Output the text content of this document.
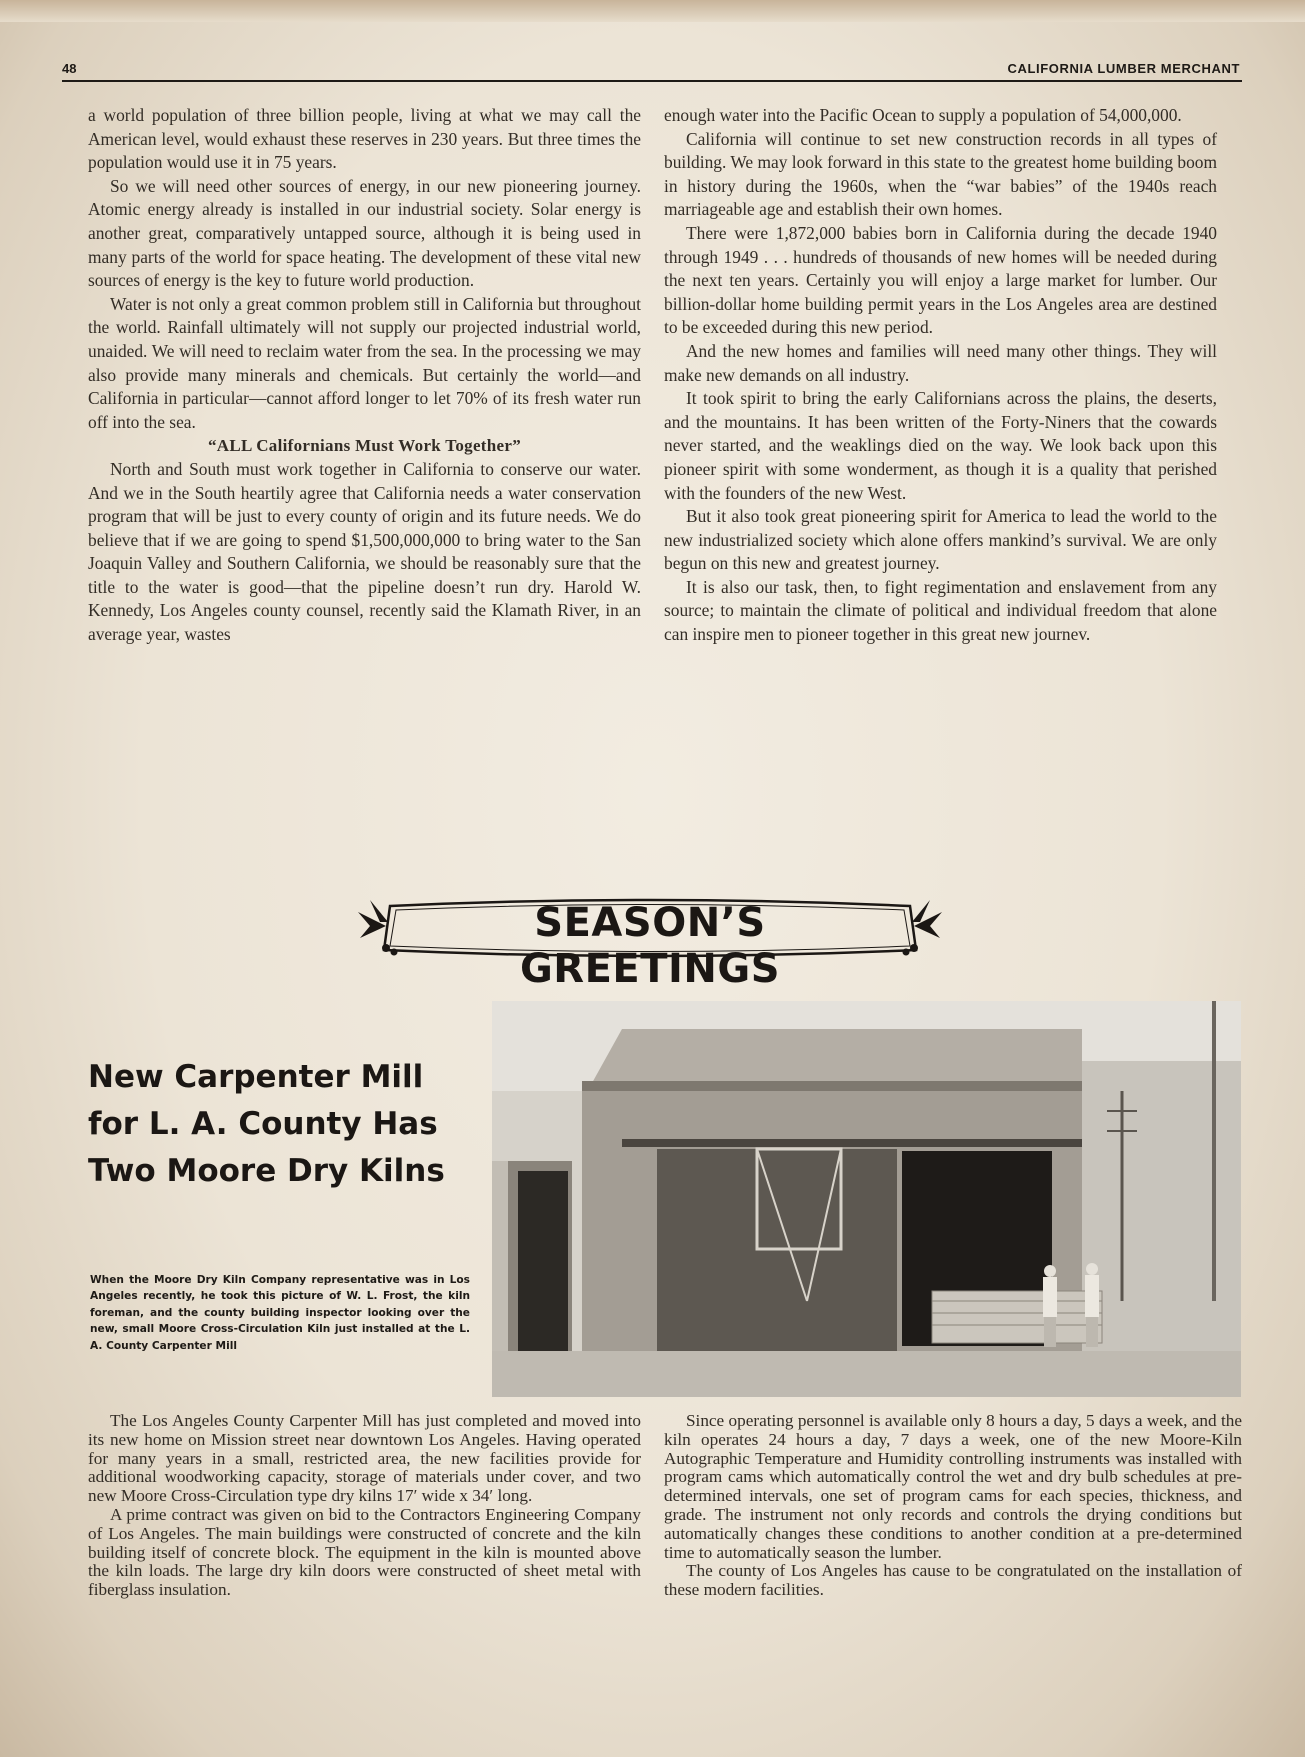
48	CALIFORNIA LUMBER MERCHANT

a world population of three billion people, living at what we may call the American level, would exhaust these reserves in 230 years. But three times the population would use it in 75 years.

So we will need other sources of energy, in our new pioneering journey. Atomic energy already is installed in our industrial society. Solar energy is another great, comparatively untapped source, although it is being used in many parts of the world for space heating. The development of these vital new sources of energy is the key to future world production.

Water is not only a great common problem still in California but throughout the world. Rainfall ultimately will not supply our projected industrial world, unaided. We will need to reclaim water from the sea. In the processing we may also provide many minerals and chemicals. But certainly the world—and California in particular—cannot afford longer to let 70% of its fresh water run off into the sea.

“ALL Californians Must Work Together”

North and South must work together in California to conserve our water. And we in the South heartily agree that California needs a water conservation program that will be just to every county of origin and its future needs. We do believe that if we are going to spend $1,500,000,000 to bring water to the San Joaquin Valley and Southern California, we should be reasonably sure that the title to the water is good—that the pipeline doesn’t run dry. Harold W. Kennedy, Los Angeles county counsel, recently said the Klamath River, in an average year, wastes

enough water into the Pacific Ocean to supply a population of 54,000,000.

California will continue to set new construction records in all types of building. We may look forward in this state to the greatest home building boom in history during the 1960s, when the “war babies” of the 1940s reach marriageable age and establish their own homes.

There were 1,872,000 babies born in California during the decade 1940 through 1949 . . . hundreds of thousands of new homes will be needed during the next ten years. Certainly you will enjoy a large market for lumber. Our billion-dollar home building permit years in the Los Angeles area are destined to be exceeded during this new period.

And the new homes and families will need many other things. They will make new demands on all industry.

It took spirit to bring the early Californians across the plains, the deserts, and the mountains. It has been written of the Forty-Niners that the cowards never started, and the weaklings died on the way. We look back upon this pioneer spirit with some wonderment, as though it is a quality that perished with the founders of the new West.

But it also took great pioneering spirit for America to lead the world to the new industrialized society which alone offers mankind’s survival. We are only begun on this new and greatest journey.

It is also our task, then, to fight regimentation and enslavement from any source; to maintain the climate of political and individual freedom that alone can inspire men to pioneer together in this great new journev.

SEASON’S GREETINGS
New Carpenter Mill
for L. A. County Has
Two Moore Dry Kilns
When the Moore Dry Kiln Company representative was in Los Angeles recently, he took this picture of W. L. Frost, the kiln foreman, and the county building inspector looking over the new, small Moore Cross-Circulation Kiln just installed at the L. A. County Carpenter Mill

The Los Angeles County Carpenter Mill has just completed and moved into its new home on Mission street near downtown Los Angeles. Having operated for many years in a small, restricted area, the new facilities provide for additional woodworking capacity, storage of materials under cover, and two new Moore Cross-Circulation type dry kilns 17′ wide x 34′ long.

A prime contract was given on bid to the Contractors Engineering Company of Los Angeles. The main buildings were constructed of concrete and the kiln building itself of concrete block. The equipment in the kiln is mounted above the kiln loads. The large dry kiln doors were constructed of sheet metal with fiberglass insulation.

Since operating personnel is available only 8 hours a day, 5 days a week, and the kiln operates 24 hours a day, 7 days a week, one of the new Moore-Kiln Autographic Temperature and Humidity controlling instruments was installed with program cams which automatically control the wet and dry bulb schedules at pre-determined intervals, one set of program cams for each species, thickness, and grade. The instrument not only records and controls the drying conditions but automatically changes these conditions to another condition at a pre-determined time to automatically season the lumber.

The county of Los Angeles has cause to be congratulated on the installation of these modern facilities.
